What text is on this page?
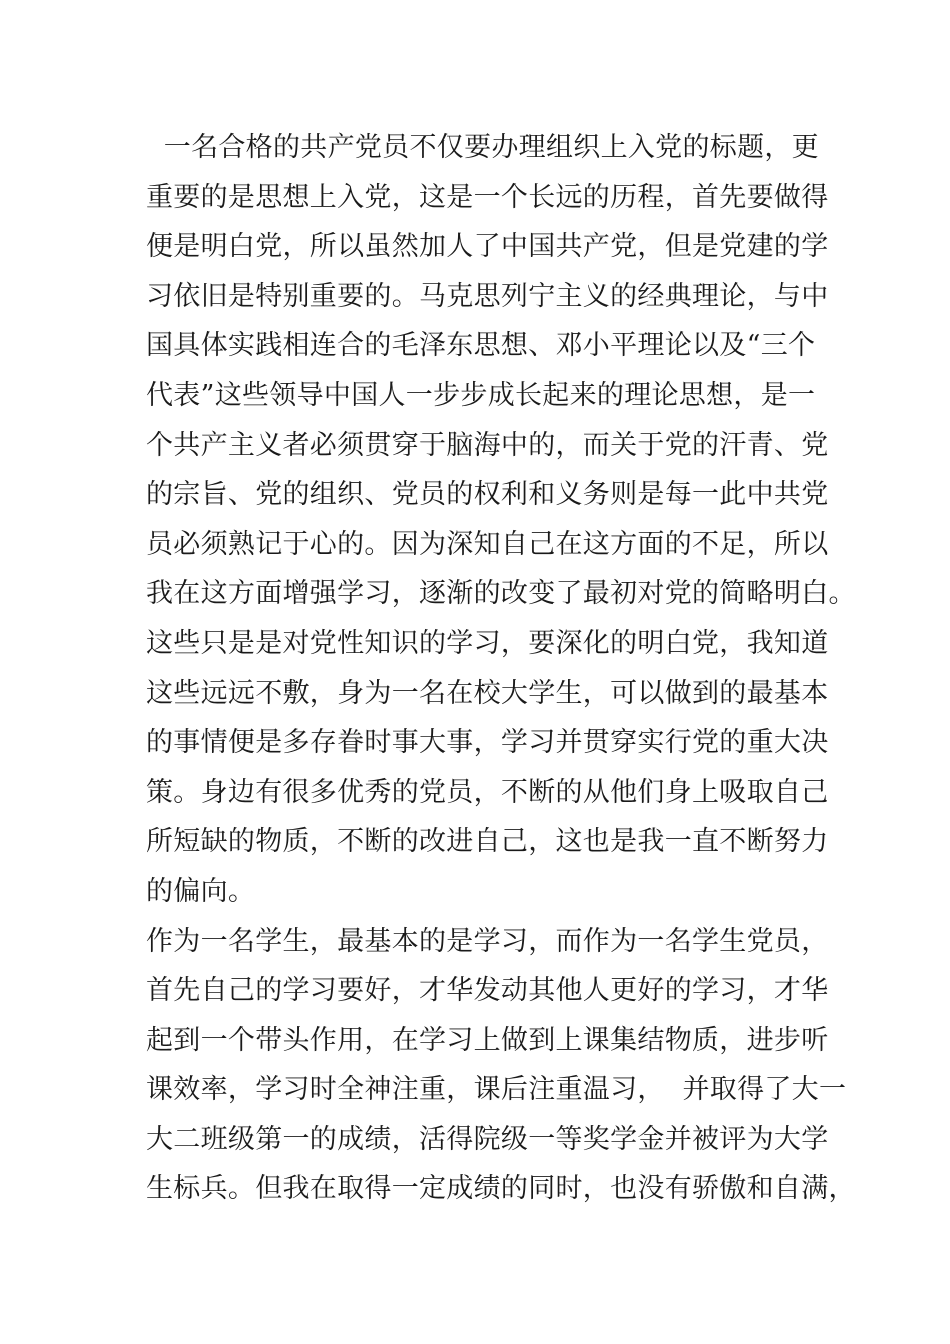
一名合格的共产党员不仅要办理组织上入党的标题，更
重要的是思想上入党，这是一个长远的历程，首先要做得
便是明白党，所以虽然加人了中国共产党，但是党建的学
习依旧是特别重要的。马克思列宁主义的经典理论，与中
国具体实践相连合的毛泽东思想、邓小平理论以及“三个
代表”这些领导中国人一步步成长起来的理论思想，是一
个共产主义者必须贯穿于脑海中的，而关于党的汗青、党
的宗旨、党的组织、党员的权利和义务则是每一此中共党
员必须熟记于心的。因为深知自己在这方面的不足，所以
我在这方面增强学习，逐渐的改变了最初对党的简略明白。
这些只是是对党性知识的学习，要深化的明白党，我知道
这些远远不敷，身为一名在校大学生，可以做到的最基本
的事情便是多存眷时事大事，学习并贯穿实行党的重大决
策。身边有很多优秀的党员，不断的从他们身上吸取自己
所短缺的物质，不断的改进自己，这也是我一直不断努力
的偏向。
作为一名学生，最基本的是学习，而作为一名学生党员，
首先自己的学习要好，才华发动其他人更好的学习，才华
起到一个带头作用，在学习上做到上课集结物质，进步听
课效率，学习时全神注重，课后注重温习，  并取得了大一
大二班级第一的成绩，活得院级一等奖学金并被评为大学
生标兵。但我在取得一定成绩的同时，也没有骄傲和自满，
